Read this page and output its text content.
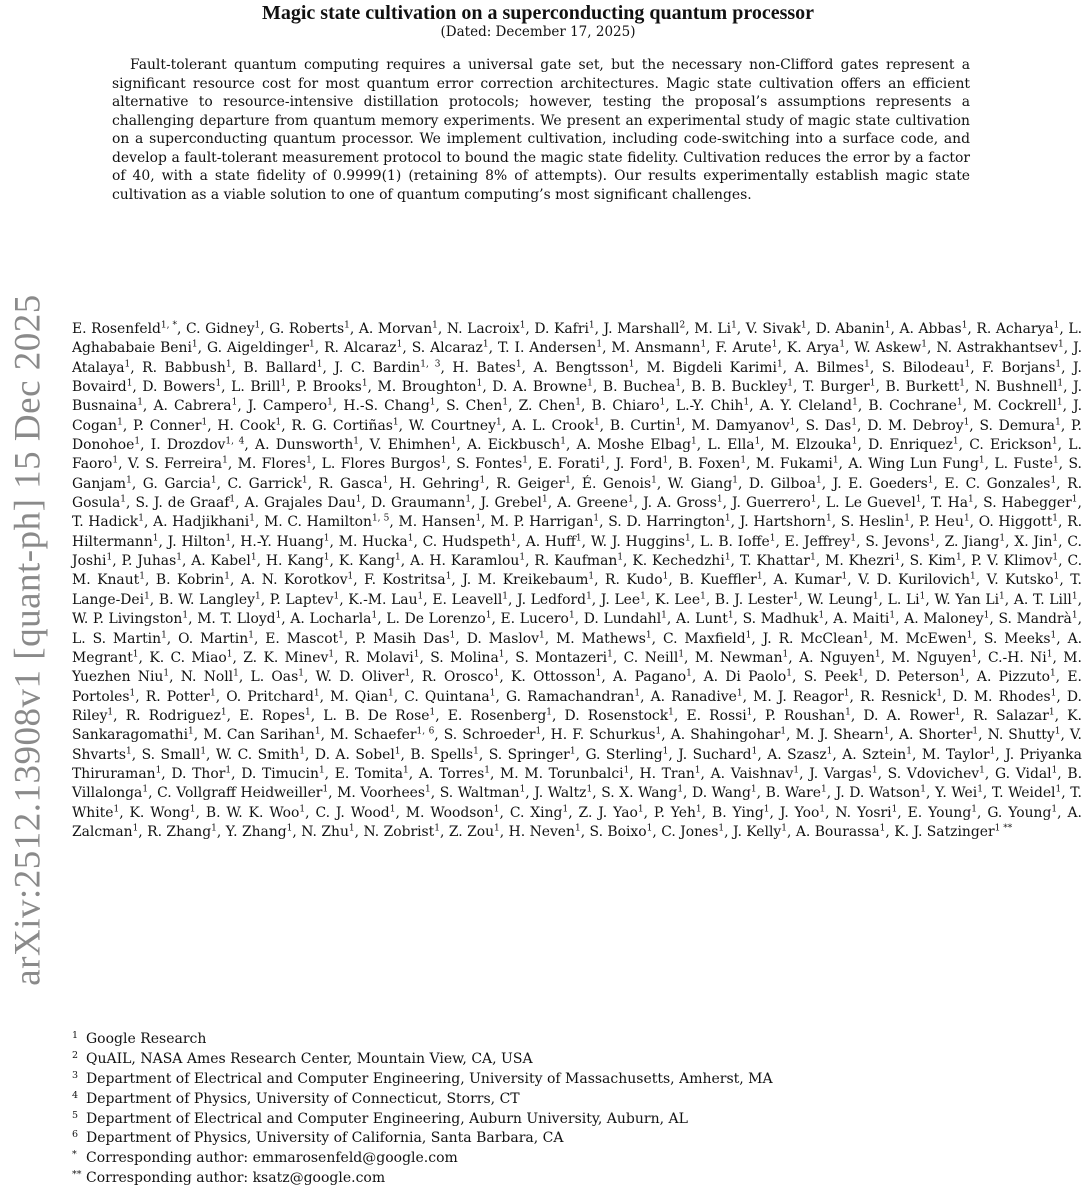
arXiv:2512.13908v1 [quant-ph] 15 Dec 2025
Magic state cultivation on a superconducting quantum processor
(Dated: December 17, 2025)
Fault-tolerant quantum computing requires a universal gate set, but the necessary non-Clifford gates represent a significant resource cost for most quantum error correction architectures. Magic state cultivation offers an efficient alternative to resource-intensive distillation protocols; however, testing the proposal’s assumptions represents a challenging departure from quantum memory experiments. We present an experimental study of magic state cultivation on a superconducting quantum processor. We implement cultivation, including code-switching into a surface code, and develop a fault-tolerant measurement protocol to bound the magic state fidelity. Cultivation reduces the error by a factor of 40, with a state fidelity of 0.9999(1) (retaining 8% of attempts). Our results experimentally establish magic state cultivation as a viable solution to one of quantum computing’s most significant challenges.
E. Rosenfeld$^{1, *}$, C. Gidney$^1$, G. Roberts$^1$, A. Morvan$^1$, N. Lacroix$^1$, D. Kafri$^1$, J. Marshall$^2$, M. Li$^1$, V. Sivak$^1$, D. Abanin$^1$, A. Abbas$^1$, R. Acharya$^1$, L. Aghababaie Beni$^1$, G. Aigeldinger$^1$, R. Alcaraz$^1$, S. Alcaraz$^1$, T. I. Andersen$^1$, M. Ansmann$^1$, F. Arute$^1$, K. Arya$^1$, W. Askew$^1$, N. Astrakhantsev$^1$, J. Atalaya$^1$, R. Babbush$^1$, B. Ballard$^1$, J. C. Bardin$^{1, 3}$, H. Bates$^1$, A. Bengtsson$^1$, M. Bigdeli Karimi$^1$, A. Bilmes$^1$, S. Bilodeau$^1$, F. Borjans$^1$, J. Bovaird$^1$, D. Bowers$^1$, L. Brill$^1$, P. Brooks$^1$, M. Broughton$^1$, D. A. Browne$^1$, B. Buchea$^1$, B. B. Buckley$^1$, T. Burger$^1$, B. Burkett$^1$, N. Bushnell$^1$, J. Busnaina$^1$, A. Cabrera$^1$, J. Campero$^1$, H.-S. Chang$^1$, S. Chen$^1$, Z. Chen$^1$, B. Chiaro$^1$, L.-Y. Chih$^1$, A. Y. Cleland$^1$, B. Cochrane$^1$, M. Cockrell$^1$, J. Cogan$^1$, P. Conner$^1$, H. Cook$^1$, R. G. Cortiñas$^1$, W. Courtney$^1$, A. L. Crook$^1$, B. Curtin$^1$, M. Damyanov$^1$, S. Das$^1$, D. M. Debroy$^1$, S. Demura$^1$, P. Donohoe$^1$, I. Drozdov$^{1, 4}$, A. Dunsworth$^1$, V. Ehimhen$^1$, A. Eickbusch$^1$, A. Moshe Elbag$^1$, L. Ella$^1$, M. Elzouka$^1$, D. Enriquez$^1$, C. Erickson$^1$, L. Faoro$^1$, V. S. Ferreira$^1$, M. Flores$^1$, L. Flores Burgos$^1$, S. Fontes$^1$, E. Forati$^1$, J. Ford$^1$, B. Foxen$^1$, M. Fukami$^1$, A. Wing Lun Fung$^1$, L. Fuste$^1$, S. Ganjam$^1$, G. Garcia$^1$, C. Garrick$^1$, R. Gasca$^1$, H. Gehring$^1$, R. Geiger$^1$, É. Genois$^1$, W. Giang$^1$, D. Gilboa$^1$, J. E. Goeders$^1$, E. C. Gonzales$^1$, R. Gosula$^1$, S. J. de Graaf$^1$, A. Grajales Dau$^1$, D. Graumann$^1$, J. Grebel$^1$, A. Greene$^1$, J. A. Gross$^1$, J. Guerrero$^1$, L. Le Guevel$^1$, T. Ha$^1$, S. Habegger$^1$, T. Hadick$^1$, A. Hadjikhani$^1$, M. C. Hamilton$^{1, 5}$, M. Hansen$^1$, M. P. Harrigan$^1$, S. D. Harrington$^1$, J. Hartshorn$^1$, S. Heslin$^1$, P. Heu$^1$, O. Higgott$^1$, R. Hiltermann$^1$, J. Hilton$^1$, H.-Y. Huang$^1$, M. Hucka$^1$, C. Hudspeth$^1$, A. Huff$^1$, W. J. Huggins$^1$, L. B. Ioffe$^1$, E. Jeffrey$^1$, S. Jevons$^1$, Z. Jiang$^1$, X. Jin$^1$, C. Joshi$^1$, P. Juhas$^1$, A. Kabel$^1$, H. Kang$^1$, K. Kang$^1$, A. H. Karamlou$^1$, R. Kaufman$^1$, K. Kechedzhi$^1$, T. Khattar$^1$, M. Khezri$^1$, S. Kim$^1$, P. V. Klimov$^1$, C. M. Knaut$^1$, B. Kobrin$^1$, A. N. Korotkov$^1$, F. Kostritsa$^1$, J. M. Kreikebaum$^1$, R. Kudo$^1$, B. Kueffler$^1$, A. Kumar$^1$, V. D. Kurilovich$^1$, V. Kutsko$^1$, T. Lange-Dei$^1$, B. W. Langley$^1$, P. Laptev$^1$, K.-M. Lau$^1$, E. Leavell$^1$, J. Ledford$^1$, J. Lee$^1$, K. Lee$^1$, B. J. Lester$^1$, W. Leung$^1$, L. Li$^1$, W. Yan Li$^1$, A. T. Lill$^1$, W. P. Livingston$^1$, M. T. Lloyd$^1$, A. Locharla$^1$, L. De Lorenzo$^1$, E. Lucero$^1$, D. Lundahl$^1$, A. Lunt$^1$, S. Madhuk$^1$, A. Maiti$^1$, A. Maloney$^1$, S. Mandrà$^1$, L. S. Martin$^1$, O. Martin$^1$, E. Mascot$^1$, P. Masih Das$^1$, D. Maslov$^1$, M. Mathews$^1$, C. Maxfield$^1$, J. R. McClean$^1$, M. McEwen$^1$, S. Meeks$^1$, A. Megrant$^1$, K. C. Miao$^1$, Z. K. Minev$^1$, R. Molavi$^1$, S. Molina$^1$, S. Montazeri$^1$, C. Neill$^1$, M. Newman$^1$, A. Nguyen$^1$, M. Nguyen$^1$, C.-H. Ni$^1$, M. Yuezhen Niu$^1$, N. Noll$^1$, L. Oas$^1$, W. D. Oliver$^1$, R. Orosco$^1$, K. Ottosson$^1$, A. Pagano$^1$, A. Di Paolo$^1$, S. Peek$^1$, D. Peterson$^1$, A. Pizzuto$^1$, E. Portoles$^1$, R. Potter$^1$, O. Pritchard$^1$, M. Qian$^1$, C. Quintana$^1$, G. Ramachandran$^1$, A. Ranadive$^1$, M. J. Reagor$^1$, R. Resnick$^1$, D. M. Rhodes$^1$, D. Riley$^1$, R. Rodriguez$^1$, E. Ropes$^1$, L. B. De Rose$^1$, E. Rosenberg$^1$, D. Rosenstock$^1$, E. Rossi$^1$, P. Roushan$^1$, D. A. Rower$^1$, R. Salazar$^1$, K. Sankaragomathi$^1$, M. Can Sarihan$^1$, M. Schaefer$^{1, 6}$, S. Schroeder$^1$, H. F. Schurkus$^1$, A. Shahingohar$^1$, M. J. Shearn$^1$, A. Shorter$^1$, N. Shutty$^1$, V. Shvarts$^1$, S. Small$^1$, W. C. Smith$^1$, D. A. Sobel$^1$, B. Spells$^1$, S. Springer$^1$, G. Sterling$^1$, J. Suchard$^1$, A. Szasz$^1$, A. Sztein$^1$, M. Taylor$^1$, J. Priyanka Thiruraman$^1$, D. Thor$^1$, D. Timucin$^1$, E. Tomita$^1$, A. Torres$^1$, M. M. Torunbalci$^1$, H. Tran$^1$, A. Vaishnav$^1$, J. Vargas$^1$, S. Vdovichev$^1$, G. Vidal$^1$, B. Villalonga$^1$, C. Vollgraff Heidweiller$^1$, M. Voorhees$^1$, S. Waltman$^1$, J. Waltz$^1$, S. X. Wang$^1$, D. Wang$^1$, B. Ware$^1$, J. D. Watson$^1$, Y. Wei$^1$, T. Weidel$^1$, T. White$^1$, K. Wong$^1$, B. W. K. Woo$^1$, C. J. Wood$^1$, M. Woodson$^1$, C. Xing$^1$, Z. J. Yao$^1$, P. Yeh$^1$, B. Ying$^1$, J. Yoo$^1$, N. Yosri$^1$, E. Young$^1$, G. Young$^1$, A. Zalcman$^1$, R. Zhang$^1$, Y. Zhang$^1$, N. Zhu$^1$, N. Zobrist$^1$, Z. Zou$^1$, H. Neven$^1$, S. Boixo$^1$, C. Jones$^1$, J. Kelly$^1$, A. Bourassa$^1$, K. J. Satzinger$^{1 **}$
1 Google Research
2 QuAIL, NASA Ames Research Center, Mountain View, CA, USA
3 Department of Electrical and Computer Engineering, University of Massachusetts, Amherst, MA
4 Department of Physics, University of Connecticut, Storrs, CT
5 Department of Electrical and Computer Engineering, Auburn University, Auburn, AL
6 Department of Physics, University of California, Santa Barbara, CA
* Corresponding author: emmarosenfeld@google.com
** Corresponding author: ksatz@google.com
